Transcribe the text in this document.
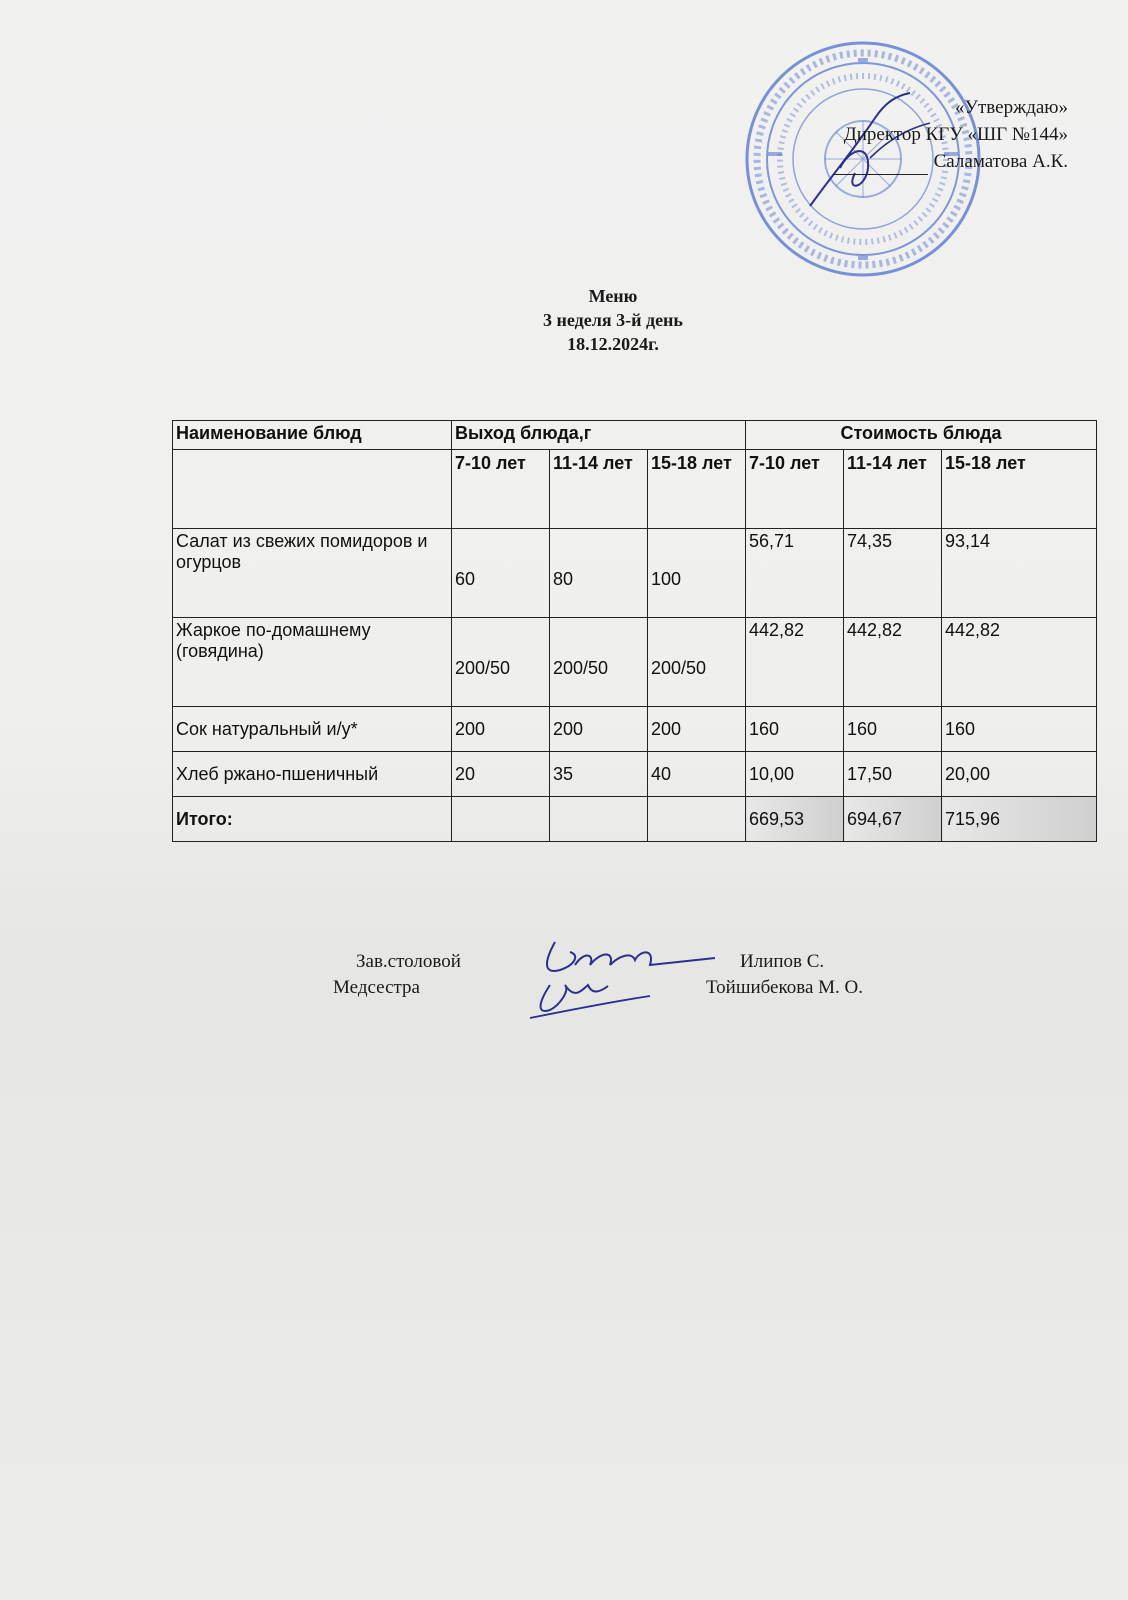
«Утверждаю»
Директор КГУ «ШГ №144»
Саламатова А.К.
Меню
3 неделя 3-й день
18.12.2024г.
Наименование блюд	Выход блюда,г			Стоимость блюда		
	7-10 лет	11-14 лет	15-18 лет	7-10 лет	11-14 лет	15-18 лет
Салат из свежих помидоров и огурцов	60	80	100	56,71	74,35	93,14
Жаркое по-домашнему (говядина)	200/50	200/50	200/50	442,82	442,82	442,82
Сок натуральный и/у*	200	200	200	160	160	160
Хлеб ржано-пшеничный	20	35	40	10,00	17,50	20,00
Итого:				669,53	694,67	715,96
Зав.столовой	Илипов С.
Медсестра	Тойшибекова М. О.
